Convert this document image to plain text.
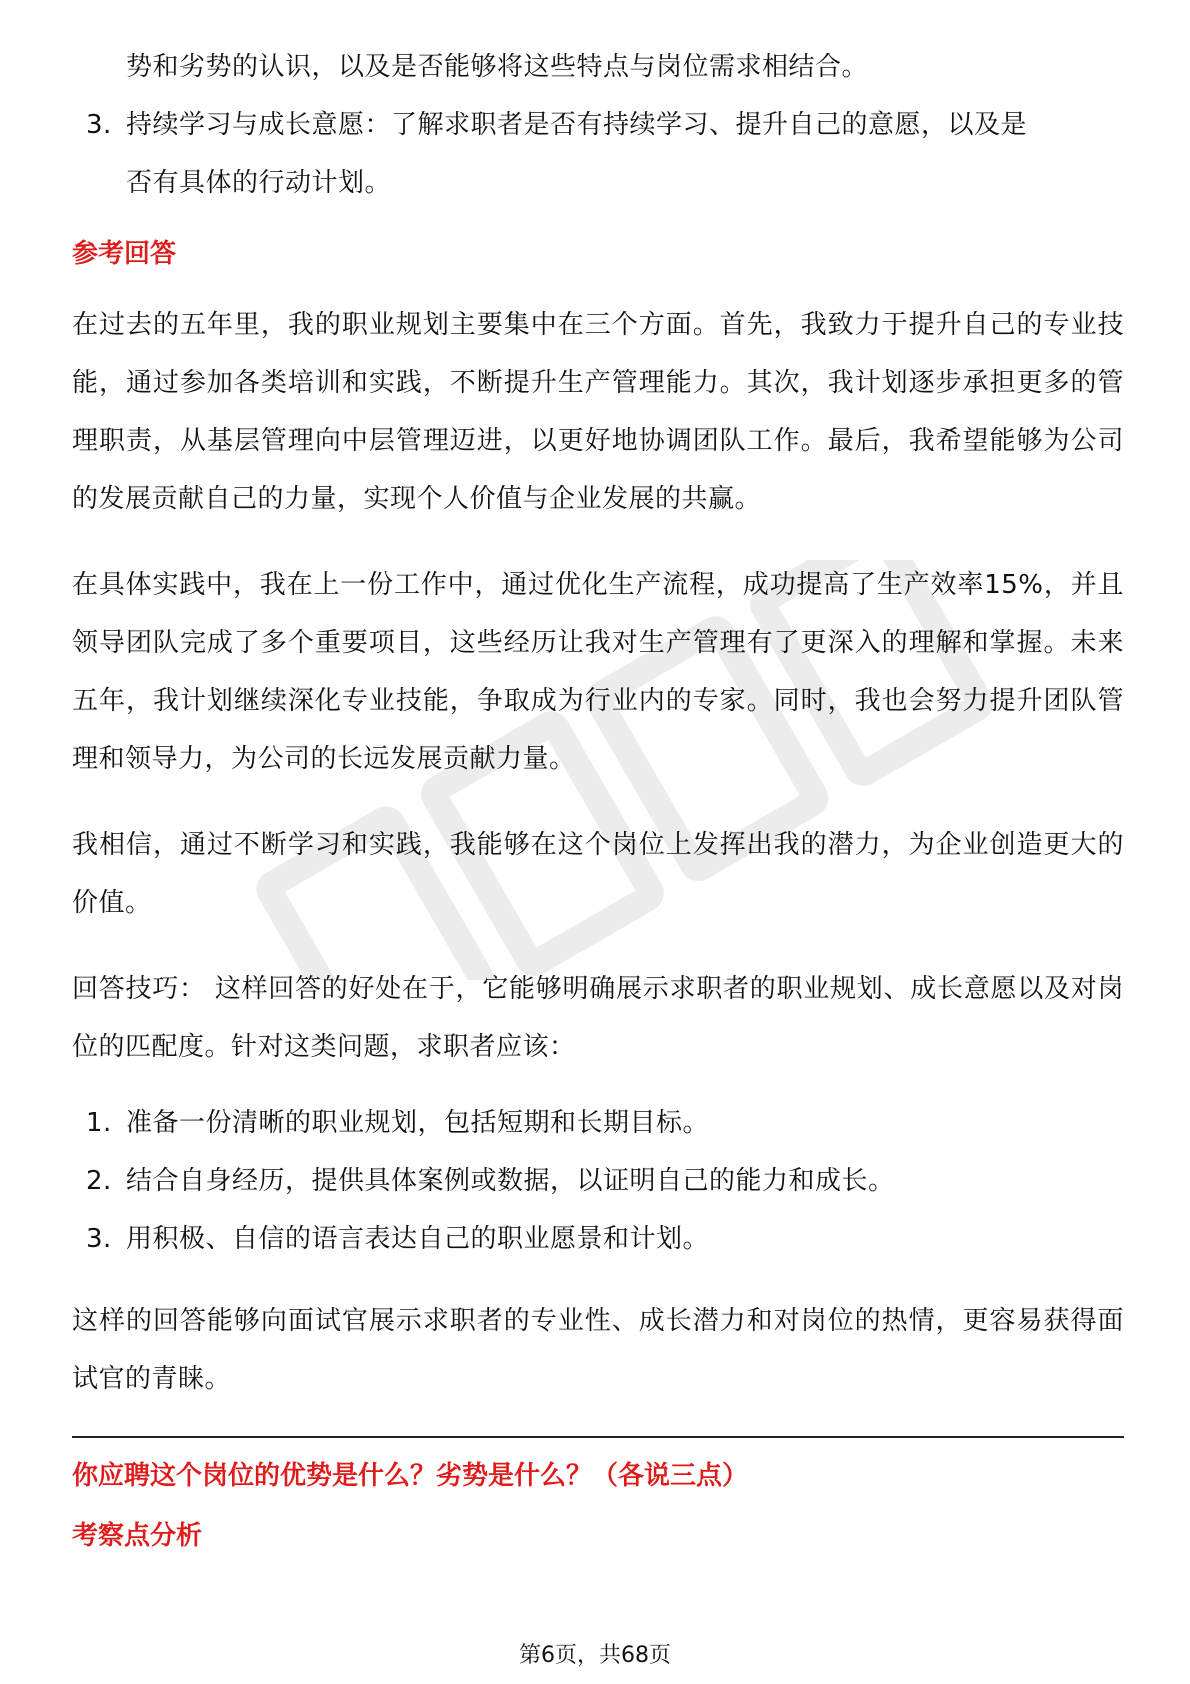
势和劣势的认识，以及是否能够将这些特点与岗位需求相结合。

3. 持续学习与成长意愿：了解求职者是否有持续学习、提升自己的意愿，以及是
否有具体的行动计划。
参考回答

在过去的五年里，我的职业规划主要集中在三个方面。首先，我致力于提升自己的专业技能，通过参加各类培训和实践，不断提升生产管理能力。其次，我计划逐步承担更多的管理职责，从基层管理向中层管理迈进，以更好地协调团队工作。最后，我希望能够为公司的发展贡献自己的力量，实现个人价值与企业发展的共赢。

在具体实践中，我在上一份工作中，通过优化生产流程，成功提高了生产效率15%，并且领导团队完成了多个重要项目，这些经历让我对生产管理有了更深入的理解和掌握。未来五年，我计划继续深化专业技能，争取成为行业内的专家。同时，我也会努力提升团队管理和领导力，为公司的长远发展贡献力量。

我相信，通过不断学习和实践，我能够在这个岗位上发挥出我的潜力，为企业创造更大的价值。

回答技巧： 这样回答的好处在于，它能够明确展示求职者的职业规划、成长意愿以及对岗位的匹配度。针对这类问题，求职者应该：

1. 准备一份清晰的职业规划，包括短期和长期目标。
2. 结合自身经历，提供具体案例或数据，以证明自己的能力和成长。
3. 用积极、自信的语言表达自己的职业愿景和计划。

这样的回答能够向面试官展示求职者的专业性、成长潜力和对岗位的热情，更容易获得面试官的青睐。

你应聘这个岗位的优势是什么？劣势是什么？（各说三点）
考察点分析
第6页，共68页
